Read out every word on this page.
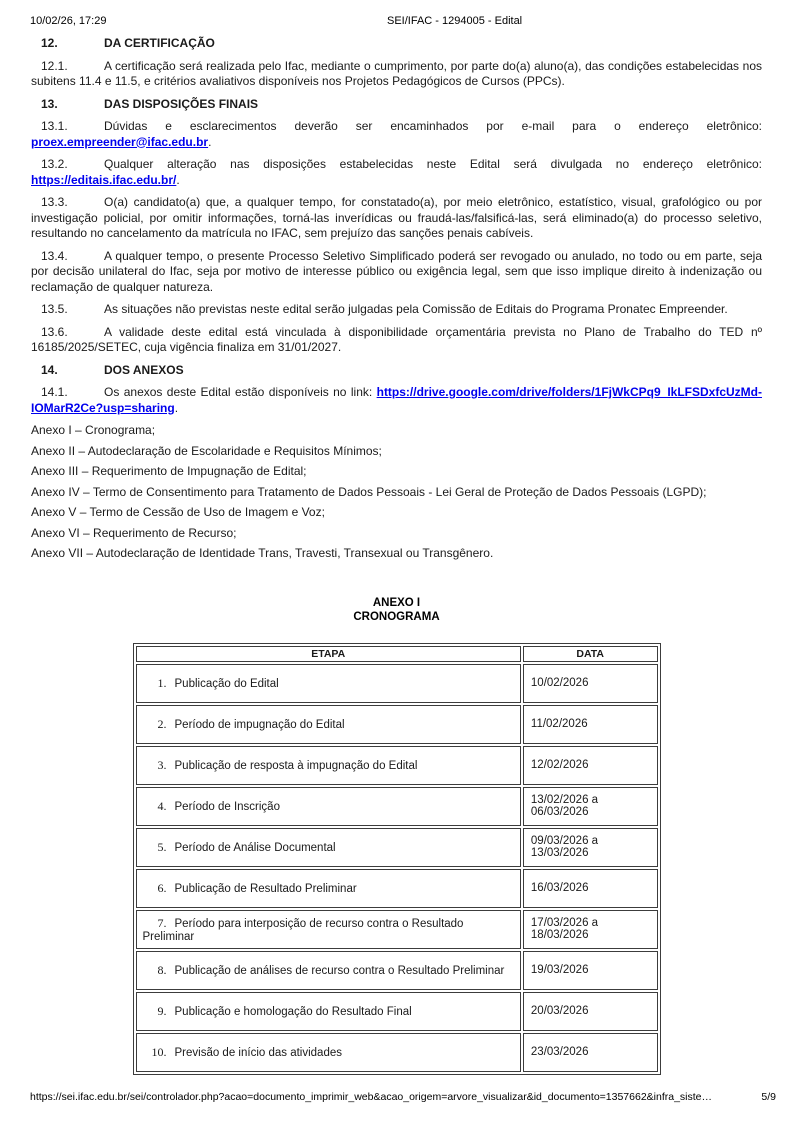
10/02/26, 17:29	SEI/IFAC - 1294005 - Edital

12.	DA CERTIFICAÇÃO

12.1.	A certificação será realizada pelo Ifac, mediante o cumprimento, por parte do(a) aluno(a), das condições estabelecidas nos subitens 11.4 e 11.5, e critérios avaliativos disponíveis nos Projetos Pedagógicos de Cursos (PPCs).

13.	DAS DISPOSIÇÕES FINAIS

13.1.	Dúvidas e esclarecimentos deverão ser encaminhados por e-mail para o endereço eletrônico: proex.empreender@ifac.edu.br.

13.2.	Qualquer alteração nas disposições estabelecidas neste Edital será divulgada no endereço eletrônico: https://editais.ifac.edu.br/.

13.3.	O(a) candidato(a) que, a qualquer tempo, for constatado(a), por meio eletrônico, estatístico, visual, grafológico ou por investigação policial, por omitir informações, torná-las inverídicas ou fraudá-las/falsificá-las, será eliminado(a) do processo seletivo, resultando no cancelamento da matrícula no IFAC, sem prejuízo das sanções penais cabíveis.

13.4.	A qualquer tempo, o presente Processo Seletivo Simplificado poderá ser revogado ou anulado, no todo ou em parte, seja por decisão unilateral do Ifac, seja por motivo de interesse público ou exigência legal, sem que isso implique direito à indenização ou reclamação de qualquer natureza.

13.5.	As situações não previstas neste edital serão julgadas pela Comissão de Editais do Programa Pronatec Empreender.

13.6.	A validade deste edital está vinculada à disponibilidade orçamentária prevista no Plano de Trabalho do TED nº 16185/2025/SETEC, cuja vigência finaliza em 31/01/2027.

14.	DOS ANEXOS

14.1.	Os anexos deste Edital estão disponíveis no link: https://drive.google.com/drive/folders/1FjWkCPq9_IkLFSDxfcUzMd-IOMarR2Ce?usp=sharing.

Anexo I – Cronograma;

Anexo II – Autodeclaração de Escolaridade e Requisitos Mínimos;

Anexo III – Requerimento de Impugnação de Edital;

Anexo IV – Termo de Consentimento para Tratamento de Dados Pessoais - Lei Geral de Proteção de Dados Pessoais (LGPD);

Anexo V – Termo de Cessão de Uso de Imagem e Voz;

Anexo VI – Requerimento de Recurso;

Anexo VII – Autodeclaração de Identidade Trans, Travesti, Transexual ou Transgênero.

ANEXO I
CRONOGRAMA
ETAPA	DATA
1. Publicação do Edital	10/02/2026
2. Período de impugnação do Edital	11/02/2026
3. Publicação de resposta à impugnação do Edital	12/02/2026
4. Período de Inscrição	13/02/2026 a 06/03/2026
5. Período de Análise Documental	09/03/2026 a 13/03/2026
6. Publicação de Resultado Preliminar	16/03/2026
7. Período para interposição de recurso contra o Resultado Preliminar	17/03/2026 a 18/03/2026
8. Publicação de análises de recurso contra o Resultado Preliminar	19/03/2026
9. Publicação e homologação do Resultado Final	20/03/2026
10. Previsão de início das atividades	23/03/2026
https://sei.ifac.edu.br/sei/controlador.php?acao=documento_imprimir_web&acao_origem=arvore_visualizar&id_documento=1357662&infra_siste…	5/9
